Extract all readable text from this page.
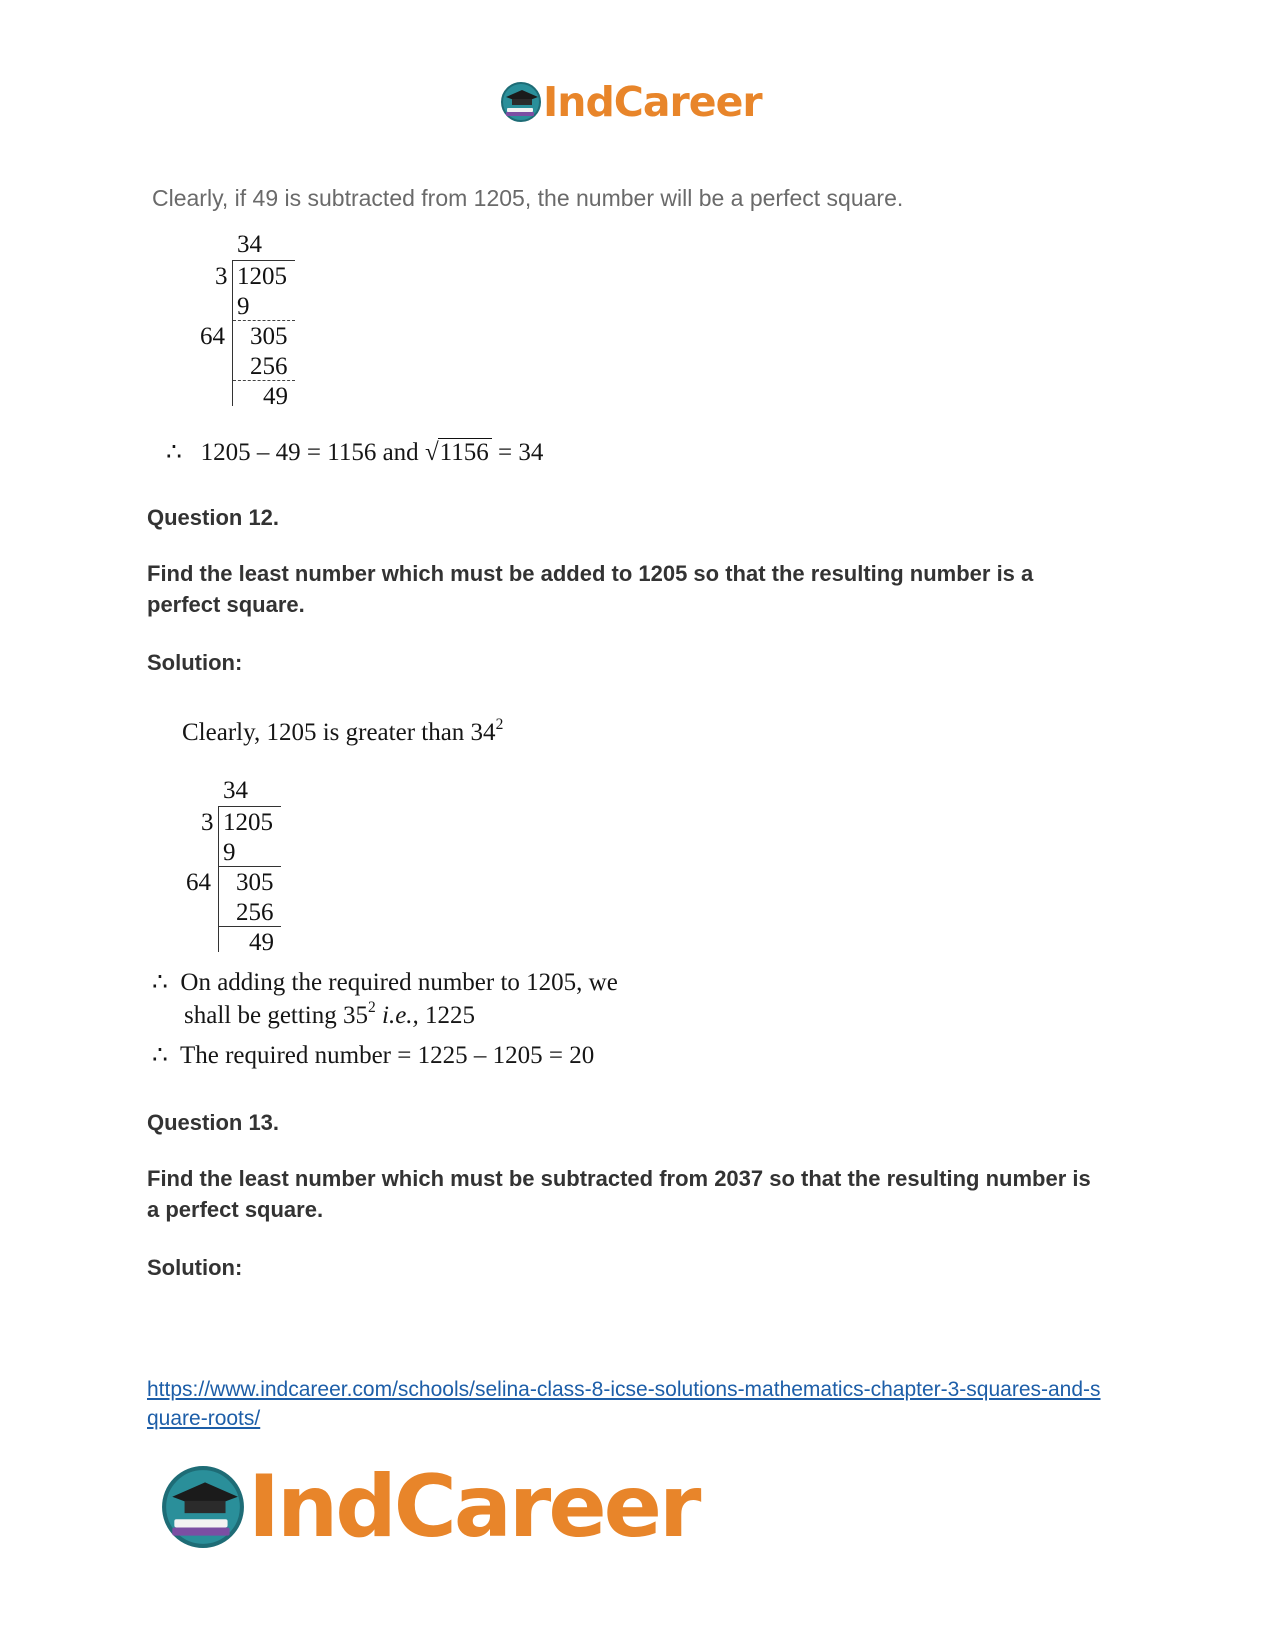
IndCareer
Clearly, if 49 is subtracted from 1205, the number will be a perfect square.
34
3 1205
9
64 305
256
49
∴ 1205 – 49 = 1156 and √1156 = 34
Question 12.
Find the least number which must be added to 1205 so that the resulting number is a perfect square.
Solution:
Clearly, 1205 is greater than $34^2$
34
3 1205
9
64 305
256
49
∴ On adding the required number to 1205, we
shall be getting $35^2$ i.e., 1225
∴ The required number = 1225 – 1205 = 20
Question 13.
Find the least number which must be subtracted from 2037 so that the resulting number is a perfect square.
Solution:
https://www.indcareer.com/schools/selina-class-8-icse-solutions-mathematics-chapter-3-squares-and-square-roots/
IndCareer
